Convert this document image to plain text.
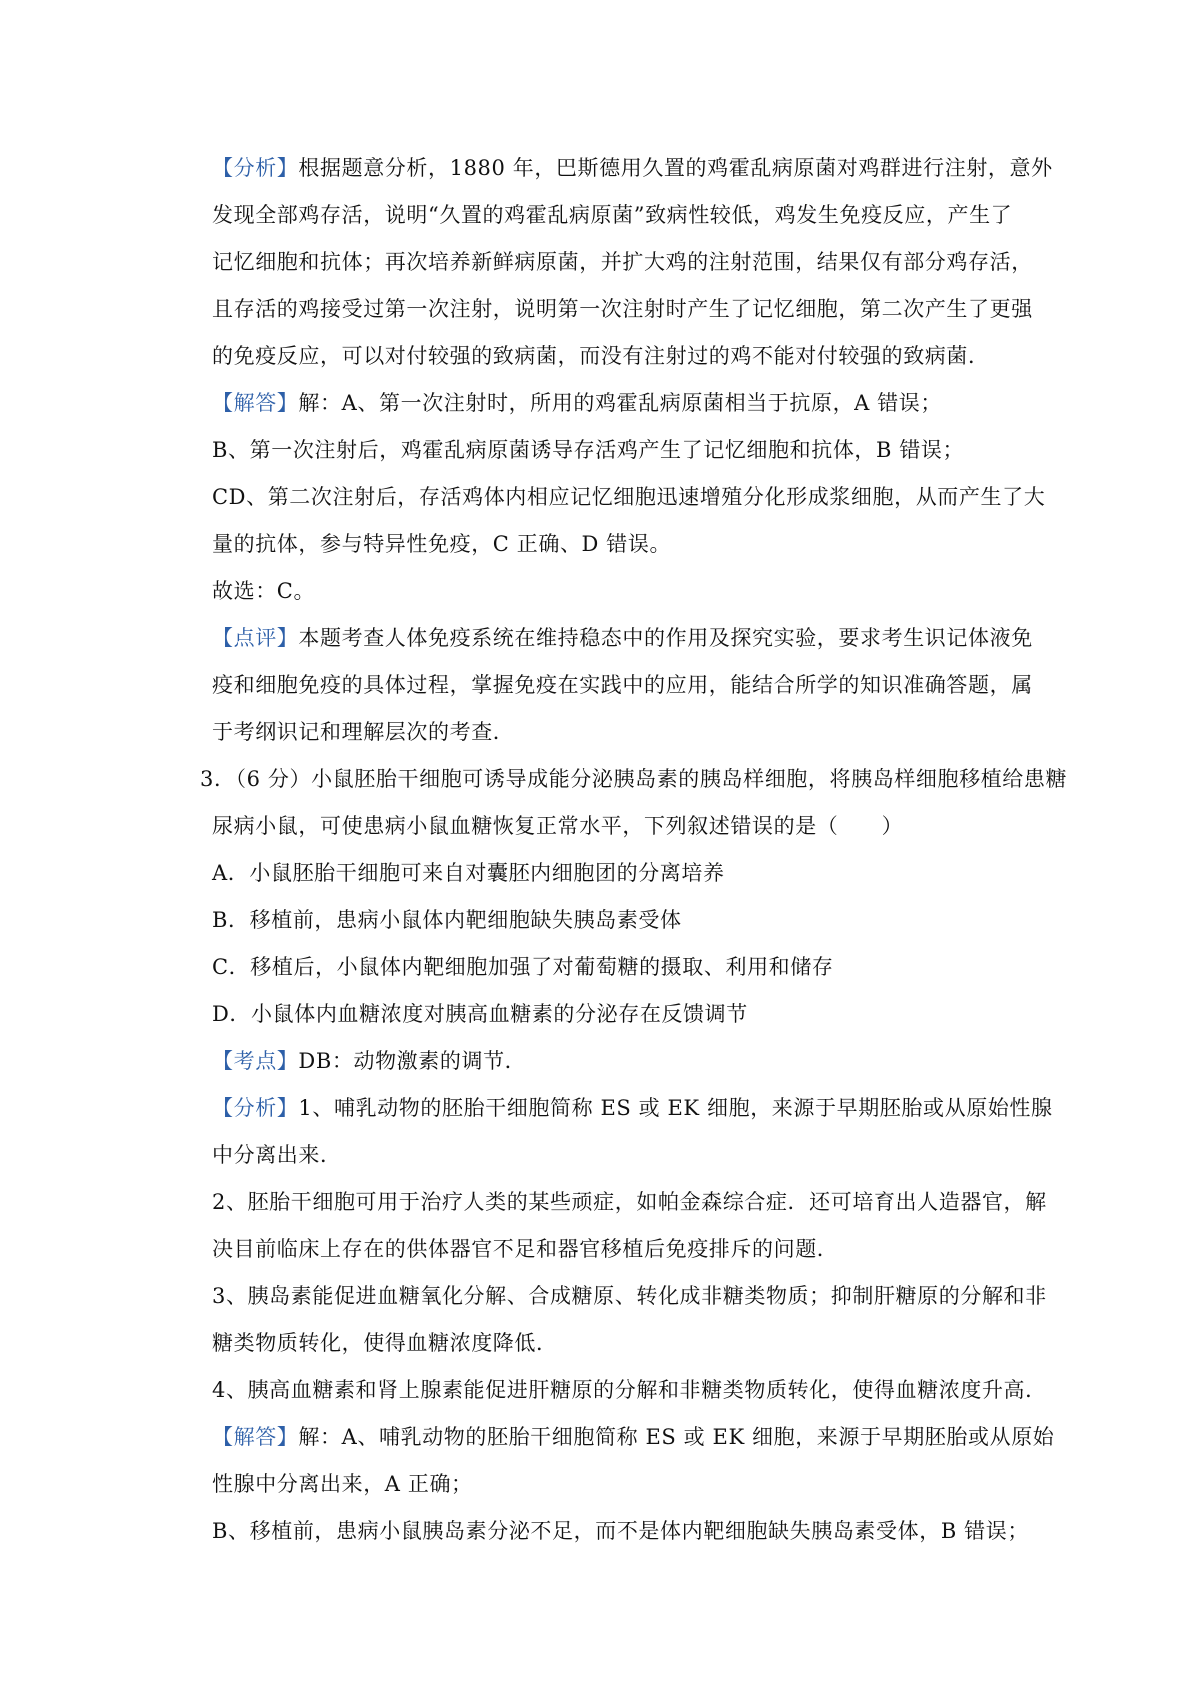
【分析】根据题意分析，1880 年，巴斯德用久置的鸡霍乱病原菌对鸡群进行注射，意外
发现全部鸡存活，说明“久置的鸡霍乱病原菌”致病性较低，鸡发生免疫反应，产生了
记忆细胞和抗体；再次培养新鲜病原菌，并扩大鸡的注射范围，结果仅有部分鸡存活，
且存活的鸡接受过第一次注射，说明第一次注射时产生了记忆细胞，第二次产生了更强
的免疫反应，可以对付较强的致病菌，而没有注射过的鸡不能对付较强的致病菌．
【解答】解：A、第一次注射时，所用的鸡霍乱病原菌相当于抗原，A 错误；
B、第一次注射后，鸡霍乱病原菌诱导存活鸡产生了记忆细胞和抗体，B 错误；
CD、第二次注射后，存活鸡体内相应记忆细胞迅速增殖分化形成浆细胞，从而产生了大
量的抗体，参与特异性免疫，C 正确、D 错误。
故选：C。
【点评】本题考查人体免疫系统在维持稳态中的作用及探究实验，要求考生识记体液免
疫和细胞免疫的具体过程，掌握免疫在实践中的应用，能结合所学的知识准确答题，属
于考纲识记和理解层次的考查．
3．（6 分）小鼠胚胎干细胞可诱导成能分泌胰岛素的胰岛样细胞，将胰岛样细胞移植给患糖
尿病小鼠，可使患病小鼠血糖恢复正常水平，下列叙述错误的是（　　）
A．小鼠胚胎干细胞可来自对囊胚内细胞团的分离培养
B．移植前，患病小鼠体内靶细胞缺失胰岛素受体
C．移植后，小鼠体内靶细胞加强了对葡萄糖的摄取、利用和储存
D．小鼠体内血糖浓度对胰高血糖素的分泌存在反馈调节
【考点】DB：动物激素的调节．
【分析】1、哺乳动物的胚胎干细胞简称 ES 或 EK 细胞，来源于早期胚胎或从原始性腺
中分离出来．
2、胚胎干细胞可用于治疗人类的某些顽症，如帕金森综合症．还可培育出人造器官，解
决目前临床上存在的供体器官不足和器官移植后免疫排斥的问题．
3、胰岛素能促进血糖氧化分解、合成糖原、转化成非糖类物质；抑制肝糖原的分解和非
糖类物质转化，使得血糖浓度降低．
4、胰高血糖素和肾上腺素能促进肝糖原的分解和非糖类物质转化，使得血糖浓度升高．
【解答】解：A、哺乳动物的胚胎干细胞简称 ES 或 EK 细胞，来源于早期胚胎或从原始
性腺中分离出来，A 正确；
B、移植前，患病小鼠胰岛素分泌不足，而不是体内靶细胞缺失胰岛素受体，B 错误；
